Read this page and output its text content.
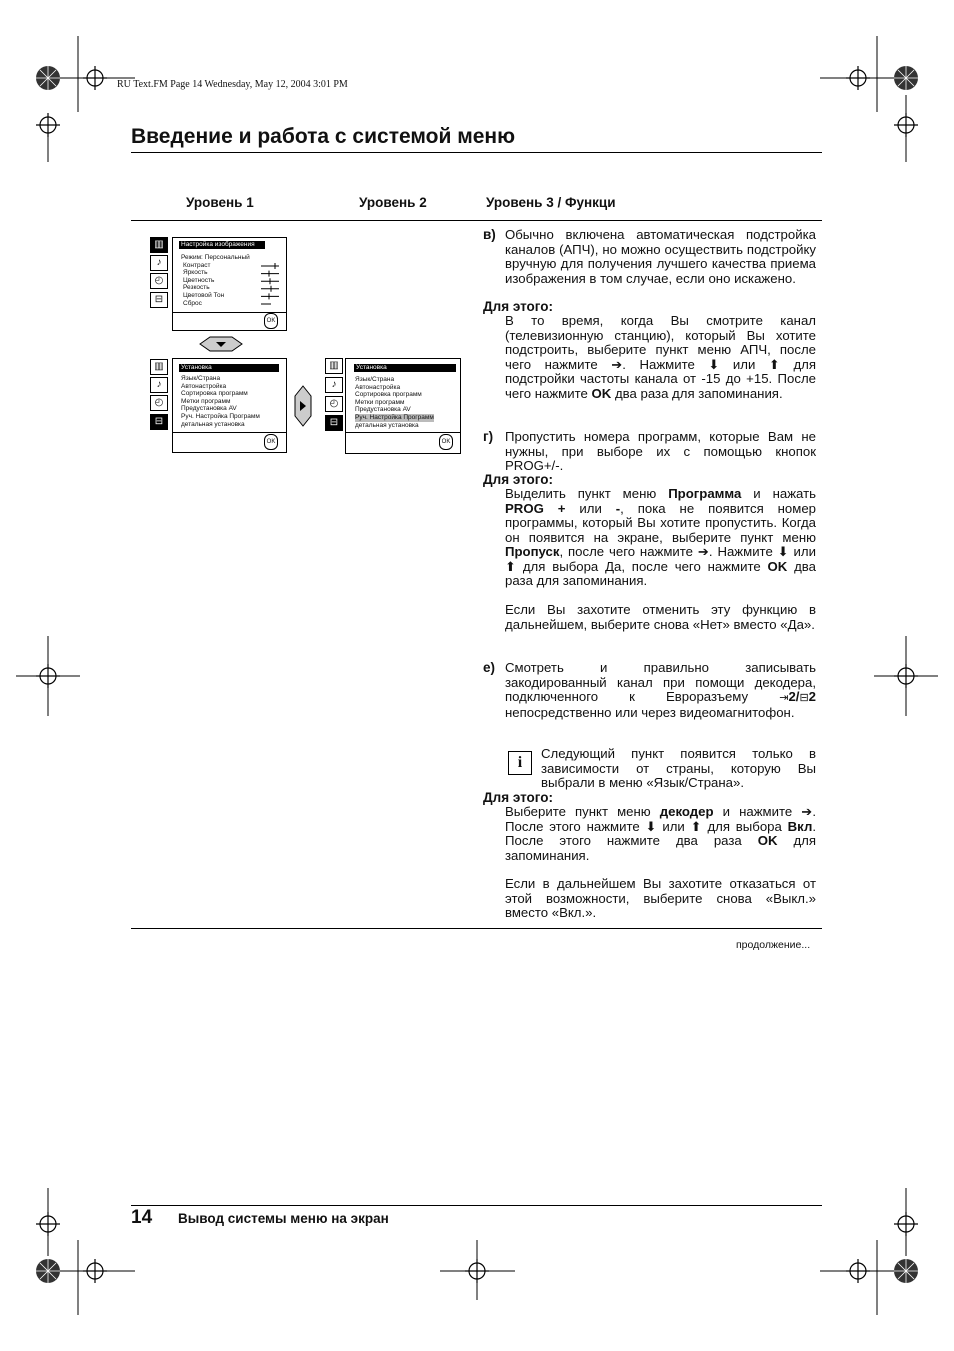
RU Text.FM Page 14 Wednesday, May 12, 2004 3:01 PM
Введение и работа с системой меню
Уровень 1	Уровень 2	Уровень 3 / Функци
▥
♪
◴
⊟
Настройка изображения
Режим: Персональный
Контраст
Яркость
Цветность
Резкость
Цветовой Тон
Сброс
OK
▥
♪
◴
⊟
Установка
Язык/Страна
Автонастройка
Сортировка программ
Метки программ
Предустановка AV
Руч. Настройка Программ
детальная установка
OK
▥
♪
◴
⊟
Установка
Язык/Страна
Автонастройка
Сортировка программ
Метки программ
Предустановка AV
Руч. Настройка Программ
детальная установка
OK
в) Обычно включена автоматическая подстройка каналов (АПЧ), но можно осуществить подстройку вручную для получения лучшего качества приема изображения в том случае, если оно искажено.
Для этого:
В то время, когда Вы смотрите канал (телевизионную станцию), который Вы хотите подстроить, выберите пункт меню АПЧ, после чего нажмите ➔. Нажмите ⬇ или ⬆ для подстройки частоты канала от -15 до +15. После чего нажмите OK два раза для запоминания.
г) Пропустить номера программ, которые Вам не нужны, при выборе их с помощью кнопок PROG+/-.
Для этого:
Выделить пункт меню Программа и нажать PROG + или -, пока не появится номер программы, который Вы хотите пропустить. Когда он появится на экране, выберите пункт меню Пропуск, после чего нажмите ➔. Нажмите ⬇ или ⬆ для выбора Да, после чего нажмите OK два раза для запоминания.
Если Вы захотите отменить эту функцию в дальнейшем, выберите снова «Нет» вместо «Да».
е) Смотреть и правильно записывать закодированный канал при помощи декодера, подключенного к Евроразъему	⇥2/⊟2 непосредственно или через видеомагнитофон.
i
Следующий пункт появится только в зависимости от страны, которую Вы выбрали в меню «Язык/Страна».
Для этого:
Выберите пункт меню декодер и нажмите ➔. После этого нажмите ⬇ или ⬆ для выбора Вкл. После этого нажмите два раза OK для запоминания.
Если в дальнейшем Вы захотите отказаться от этой возможности, выберите снова «Выкл.» вместо «Вкл.».
продолжение...
14 Вывод системы меню на экран
